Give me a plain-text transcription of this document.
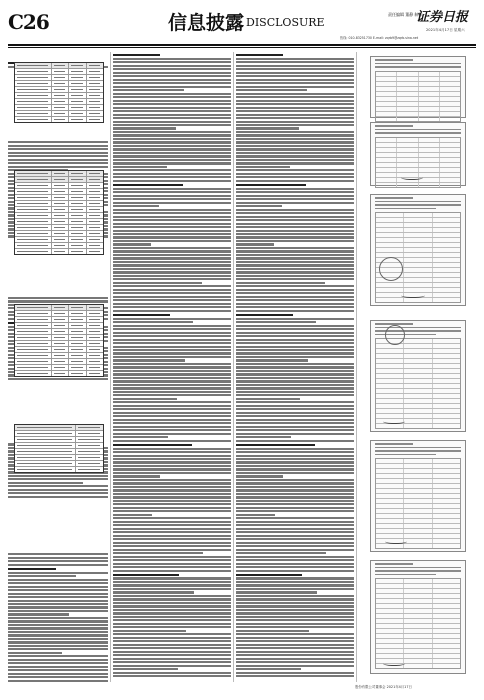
C26	信息披露 DISCLOSURE
责任编辑 董静 制作
证券日报
2021年4月17日 星期六
热线: 010-83251730 E-mail: zqrb9@zqrb.sina.net
股份有限公司董事会 2021年4月17日
